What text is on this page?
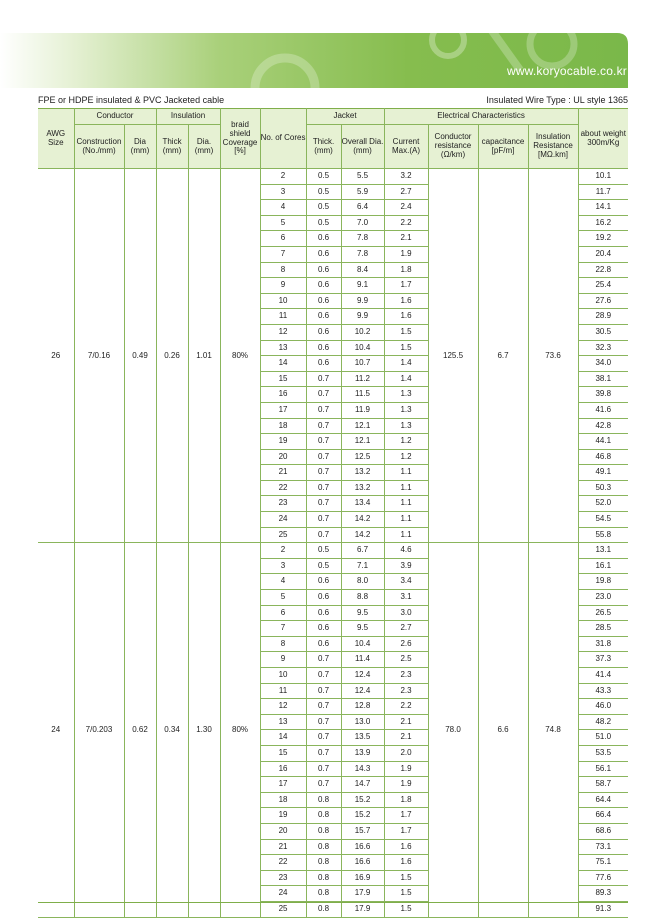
www.koryocable.co.kr
FPE or HDPE insulated & PVC Jacketed cable	Insulated Wire Type : UL style 1365
AWG Size	Conductor		Insulation		braid shield Coverage [%]	No. of Cores	Jacket		Electrical Characteristics				about weight 300m/Kg
	Construction (No./mm)	Dia (mm)	Thick (mm)	Dia. (mm)			Thick. (mm)	Overall Dia.(mm)	Current Max.(A)	Conductor resistance (Ω/km)	capacitance [pF/m]	Insulation Resistance [MΩ.km]	
26	7/0.16	0.49	0.26	1.01	80%	2	0.5	5.5	3.2	125.5	6.7	73.6	10.1
						3	0.5	5.9	2.7				11.7
						4	0.5	6.4	2.4				14.1
						5	0.5	7.0	2.2				16.2
						6	0.6	7.8	2.1				19.2
						7	0.6	7.8	1.9				20.4
						8	0.6	8.4	1.8				22.8
						9	0.6	9.1	1.7				25.4
						10	0.6	9.9	1.6				27.6
						11	0.6	9.9	1.6				28.9
						12	0.6	10.2	1.5				30.5
						13	0.6	10.4	1.5				32.3
						14	0.6	10.7	1.4				34.0
						15	0.7	11.2	1.4				38.1
						16	0.7	11.5	1.3				39.8
						17	0.7	11.9	1.3				41.6
						18	0.7	12.1	1.3				42.8
						19	0.7	12.1	1.2				44.1
						20	0.7	12.5	1.2				46.8
						21	0.7	13.2	1.1				49.1
						22	0.7	13.2	1.1				50.3
						23	0.7	13.4	1.1				52.0
						24	0.7	14.2	1.1				54.5
						25	0.7	14.2	1.1				55.8
24	7/0.203	0.62	0.34	1.30	80%	2	0.5	6.7	4.6	78.0	6.6	74.8	13.1
						3	0.5	7.1	3.9				16.1
						4	0.6	8.0	3.4				19.8
						5	0.6	8.8	3.1				23.0
						6	0.6	9.5	3.0				26.5
						7	0.6	9.5	2.7				28.5
						8	0.6	10.4	2.6				31.8
						9	0.7	11.4	2.5				37.3
						10	0.7	12.4	2.3				41.4
						11	0.7	12.4	2.3				43.3
						12	0.7	12.8	2.2				46.0
						13	0.7	13.0	2.1				48.2
						14	0.7	13.5	2.1				51.0
						15	0.7	13.9	2.0				53.5
						16	0.7	14.3	1.9				56.1
						17	0.7	14.7	1.9				58.7
						18	0.8	15.2	1.8				64.4
						19	0.8	15.2	1.7				66.4
						20	0.8	15.7	1.7				68.6
						21	0.8	16.6	1.6				73.1
						22	0.8	16.6	1.6				75.1
						23	0.8	16.9	1.5				77.6
						24	0.8	17.9	1.5				89.3
						25	0.8	17.9	1.5				91.3
